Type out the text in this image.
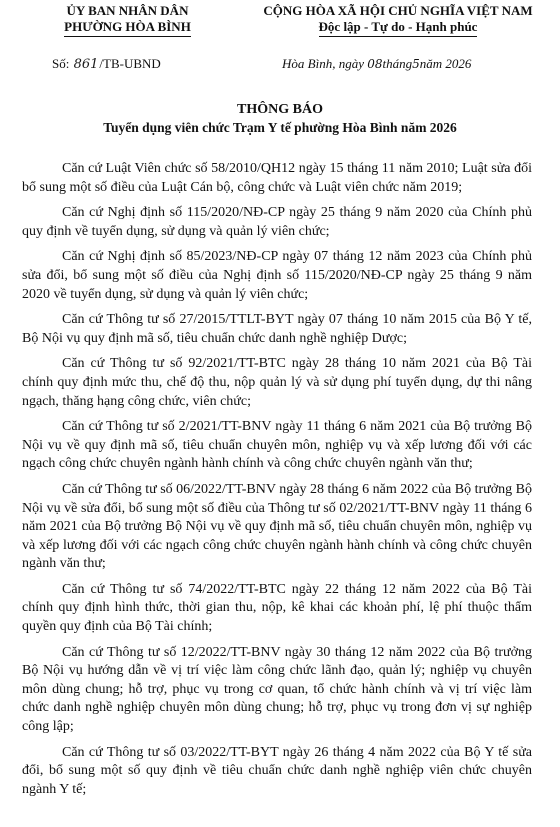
ỦY BAN NHÂN DÂN
PHƯỜNG HÒA BÌNH
CỘNG HÒA XÃ HỘI CHỦ NGHĨA VIỆT NAM
Độc lập - Tự do - Hạnh phúc
Số: 861/TB-UBND	Hòa Bình, ngày 08tháng5năm 2026
THÔNG BÁO
Tuyển dụng viên chức Trạm Y tế phường Hòa Bình năm 2026

Căn cứ Luật Viên chức số 58/2010/QH12 ngày 15 tháng 11 năm 2010; Luật sửa đổi bổ sung một số điều của Luật Cán bộ, công chức và Luật viên chức năm 2019;

Căn cứ Nghị định số 115/2020/NĐ-CP ngày 25 tháng 9 năm 2020 của Chính phủ quy định về tuyển dụng, sử dụng và quản lý viên chức;

Căn cứ Nghị định số 85/2023/NĐ-CP ngày 07 tháng 12 năm 2023 của Chính phủ sửa đổi, bổ sung một số điều của Nghị định số 115/2020/NĐ-CP ngày 25 tháng 9 năm 2020 về tuyển dụng, sử dụng và quản lý viên chức;

Căn cứ Thông tư số 27/2015/TTLT-BYT ngày 07 tháng 10 năm 2015 của Bộ Y tế, Bộ Nội vụ quy định mã số, tiêu chuẩn chức danh nghề nghiệp Dược;

Căn cứ Thông tư số 92/2021/TT-BTC ngày 28 tháng 10 năm 2021 của Bộ Tài chính quy định mức thu, chế độ thu, nộp quản lý và sử dụng phí tuyển dụng, dự thi nâng ngạch, thăng hạng công chức, viên chức;

Căn cứ Thông tư số 2/2021/TT-BNV ngày 11 tháng 6 năm 2021 của Bộ trưởng Bộ Nội vụ về quy định mã số, tiêu chuẩn chuyên môn, nghiệp vụ và xếp lương đối với các ngạch công chức chuyên ngành hành chính và công chức chuyên ngành văn thư;

Căn cứ Thông tư số 06/2022/TT-BNV ngày 28 tháng 6 năm 2022 của Bộ trưởng Bộ Nội vụ về sửa đổi, bổ sung một số điều của Thông tư số 02/2021/TT-BNV ngày 11 tháng 6 năm 2021 của Bộ trưởng Bộ Nội vụ về quy định mã số, tiêu chuẩn chuyên môn, nghiệp vụ và xếp lương đối với các ngạch công chức chuyên ngành hành chính và công chức chuyên ngành văn thư;

Căn cứ Thông tư số 74/2022/TT-BTC ngày 22 tháng 12 năm 2022 của Bộ Tài chính quy định hình thức, thời gian thu, nộp, kê khai các khoản phí, lệ phí thuộc thẩm quyền quy định của Bộ Tài chính;

Căn cứ Thông tư số 12/2022/TT-BNV ngày 30 tháng 12 năm 2022 của Bộ trưởng Bộ Nội vụ hướng dẫn về vị trí việc làm công chức lãnh đạo, quản lý; nghiệp vụ chuyên môn dùng chung; hỗ trợ, phục vụ trong cơ quan, tổ chức hành chính và vị trí việc làm chức danh nghề nghiệp chuyên môn dùng chung; hỗ trợ, phục vụ trong đơn vị sự nghiệp công lập;

Căn cứ Thông tư số 03/2022/TT-BYT ngày 26 tháng 4 năm 2022 của Bộ Y tế sửa đổi, bổ sung một số quy định về tiêu chuẩn chức danh nghề nghiệp viên chức chuyên ngành Y tế;
